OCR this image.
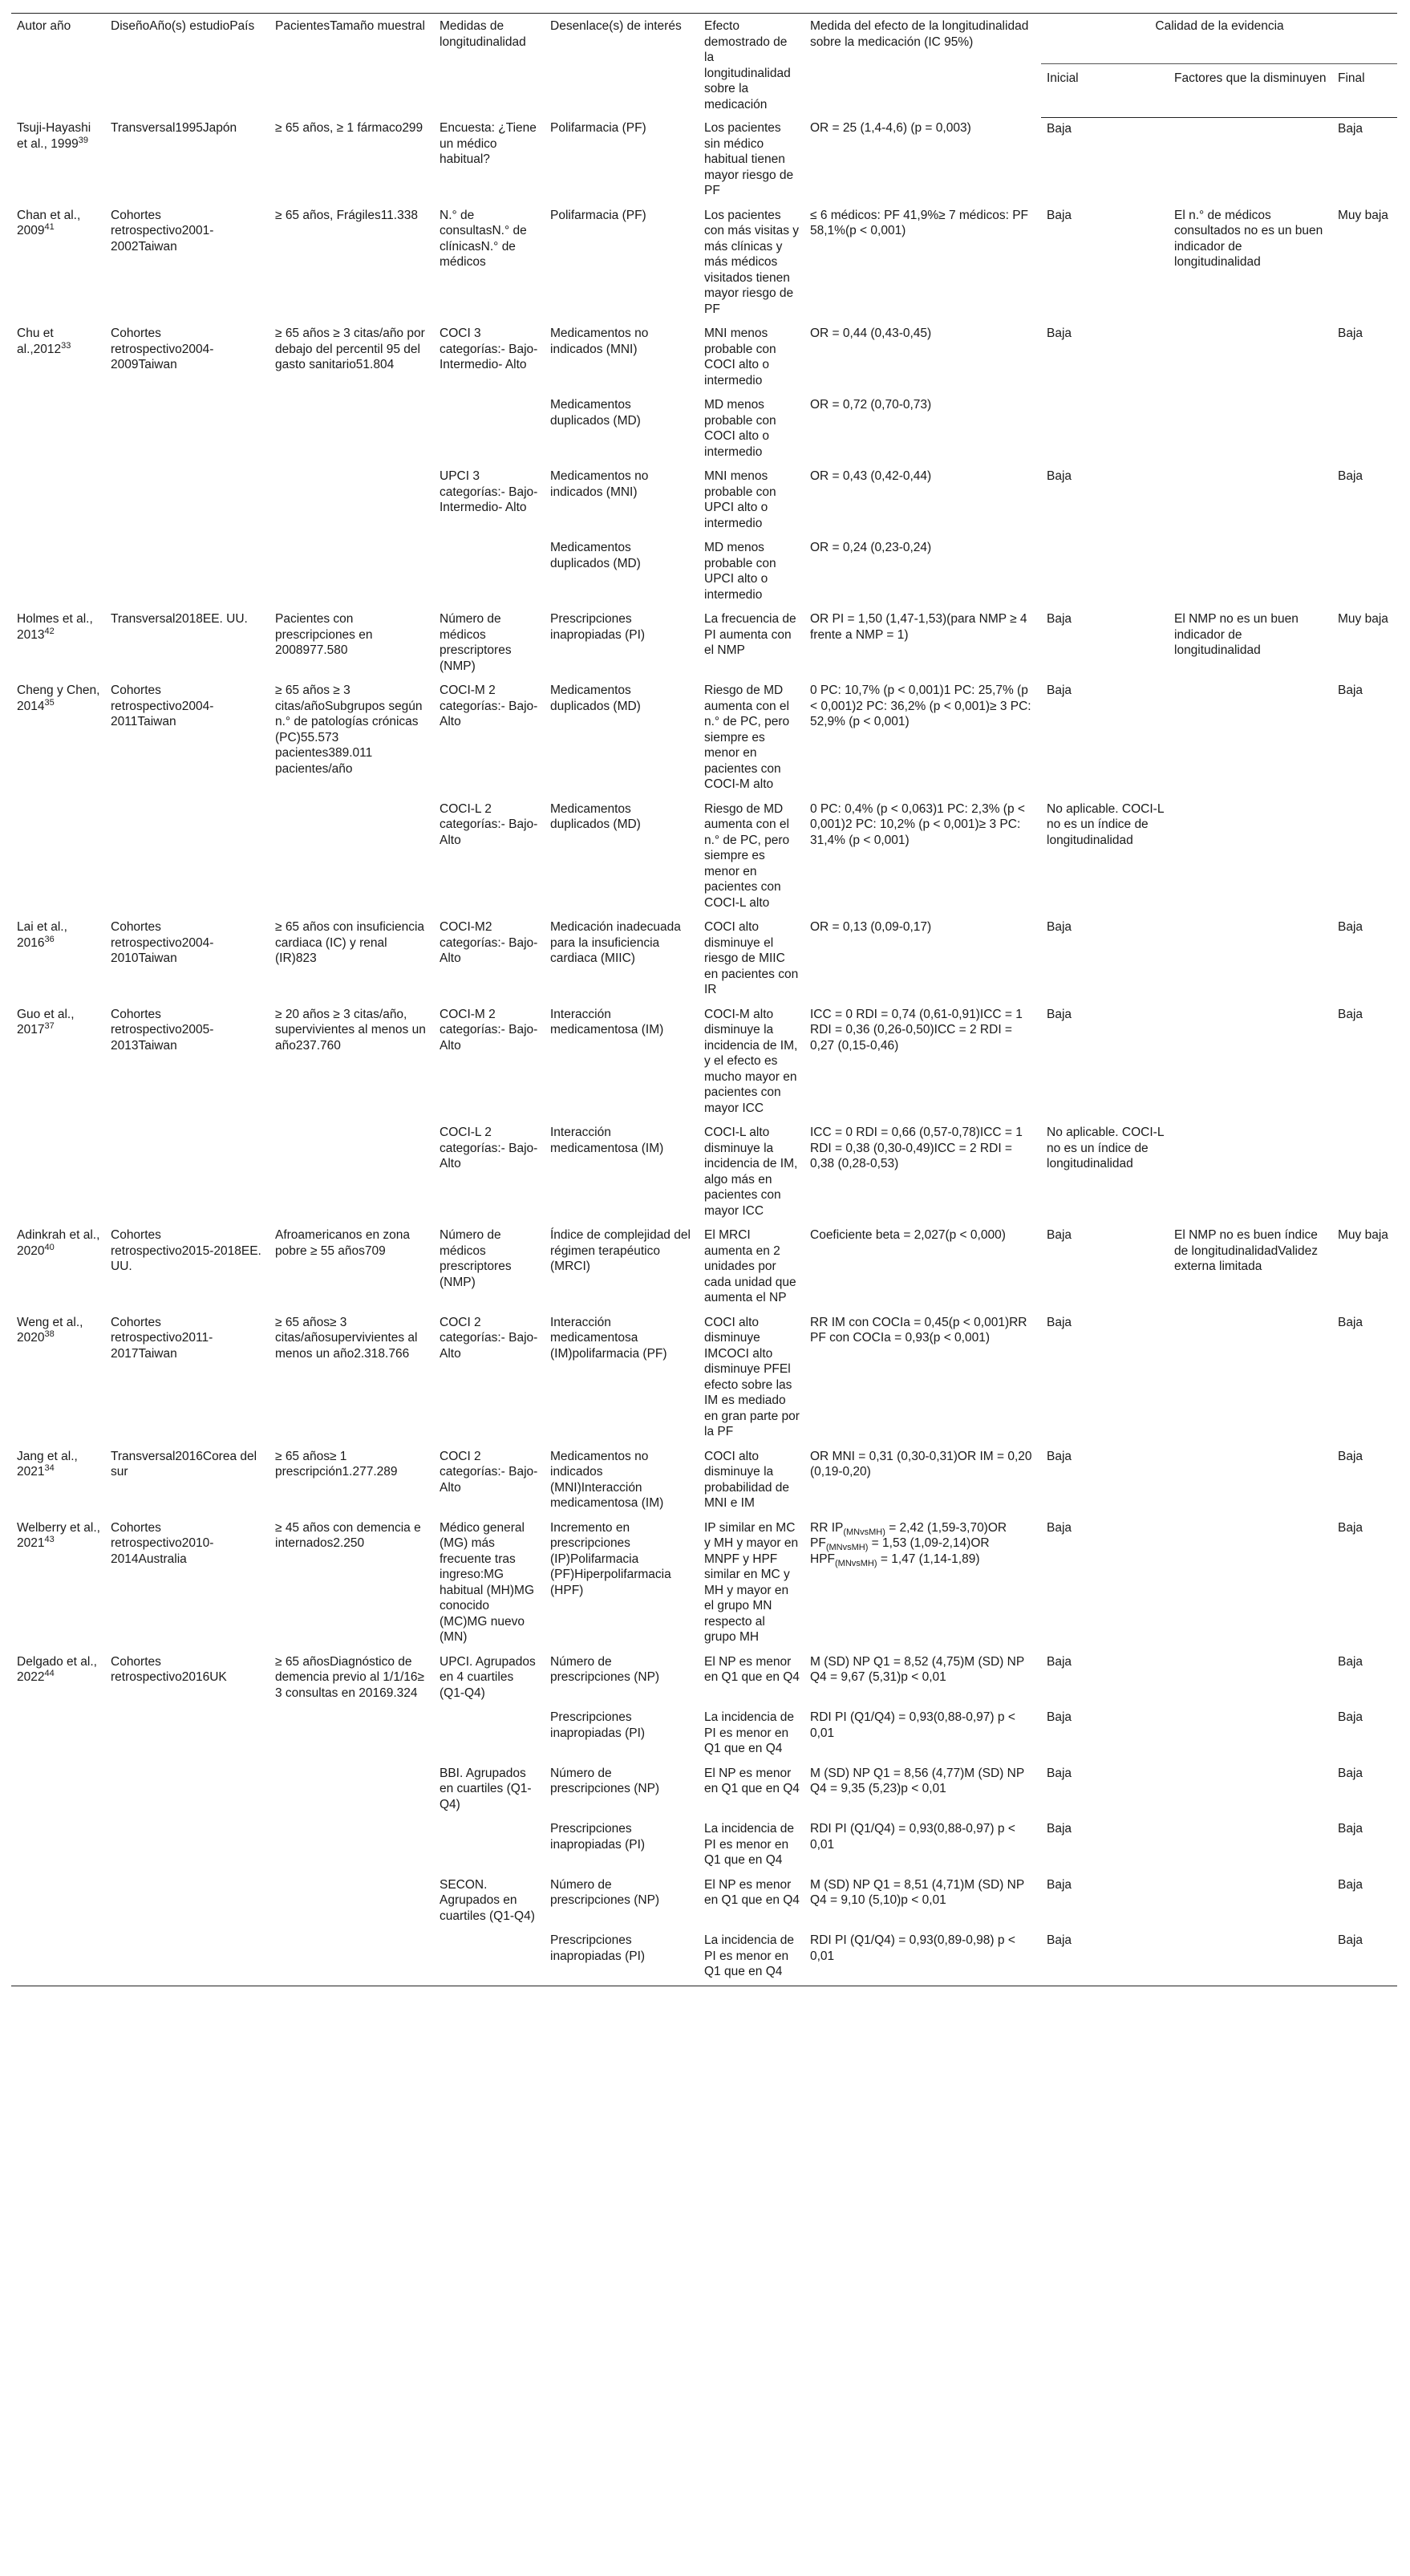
Autor año	DiseñoAño(s) estudioPaís	PacientesTamaño muestral	Medidas de longitudinalidad	Desenlace(s) de interés	Efecto demostrado de la longitudinalidad sobre la medicación	Medida del efecto de la longitudinalidad sobre la medicación (IC 95%)	Calidad de la evidencia		
							Inicial	Factores que la disminuyen	Final
Tsuji-Hayashi et al., 1999$^{39}$	Transversal1995Japón	≥ 65 años, ≥ 1 fármaco299	Encuesta: ¿Tiene un médico habitual?	Polifarmacia (PF)	Los pacientes sin médico habitual tienen mayor riesgo de PF	OR = 25 (1,4-4,6) (p = 0,003)	Baja		Baja
Chan et al., 2009$^{41}$	Cohortes retrospectivo2001-2002Taiwan	≥ 65 años, Frágiles11.338	N.° de consultasN.° de clínicasN.° de médicos	Polifarmacia (PF)	Los pacientes con más visitas y más clínicas y más médicos visitados tienen mayor riesgo de PF	≤ 6 médicos: PF 41,9%≥ 7 médicos: PF 58,1%(p < 0,001)	Baja	El n.° de médicos consultados no es un buen indicador de longitudinalidad	Muy baja
Chu et al.,2012$^{33}$	Cohortes retrospectivo2004-2009Taiwan	≥ 65 años ≥ 3 citas/año por debajo del percentil 95 del gasto sanitario51.804	COCI 3 categorías:- Bajo- Intermedio- Alto	Medicamentos no indicados (MNI)	MNI menos probable con COCI alto o intermedio	OR = 0,44 (0,43-0,45)	Baja		Baja
				Medicamentos duplicados (MD)	MD menos probable con COCI alto o intermedio	OR = 0,72 (0,70-0,73)			
			UPCI 3 categorías:- Bajo- Intermedio- Alto	Medicamentos no indicados (MNI)	MNI menos probable con UPCI alto o intermedio	OR = 0,43 (0,42-0,44)	Baja		Baja
				Medicamentos duplicados (MD)	MD menos probable con UPCI alto o intermedio	OR = 0,24 (0,23-0,24)			
Holmes et al., 2013$^{42}$	Transversal2018EE. UU.	Pacientes con prescripciones en 2008977.580	Número de médicos prescriptores (NMP)	Prescripciones inapropiadas (PI)	La frecuencia de PI aumenta con el NMP	OR PI = 1,50 (1,47-1,53)(para NMP ≥ 4 frente a NMP = 1)	Baja	El NMP no es un buen indicador de longitudinalidad	Muy baja
Cheng y Chen, 2014$^{35}$	Cohortes retrospectivo2004-2011Taiwan	≥ 65 años ≥ 3 citas/añoSubgrupos según n.° de patologías crónicas (PC)55.573 pacientes389.011 pacientes/año	COCI-M 2 categorías:- Bajo- Alto	Medicamentos duplicados (MD)	Riesgo de MD aumenta con el n.° de PC, pero siempre es menor en pacientes con COCI-M alto	0 PC: 10,7% (p < 0,001)1 PC: 25,7% (p < 0,001)2 PC: 36,2% (p < 0,001)≥ 3 PC: 52,9% (p < 0,001)	Baja		Baja
			COCI-L 2 categorías:- Bajo- Alto	Medicamentos duplicados (MD)	Riesgo de MD aumenta con el n.° de PC, pero siempre es menor en pacientes con COCI-L alto	0 PC: 0,4% (p < 0,063)1 PC: 2,3% (p < 0,001)2 PC: 10,2% (p < 0,001)≥ 3 PC: 31,4% (p < 0,001)	No aplicable. COCI-L no es un índice de longitudinalidad		
Lai et al., 2016$^{36}$	Cohortes retrospectivo2004-2010Taiwan	≥ 65 años con insuficiencia cardiaca (IC) y renal (IR)823	COCI-M2 categorías:- Bajo- Alto	Medicación inadecuada para la insuficiencia cardiaca (MIIC)	COCI alto disminuye el riesgo de MIIC en pacientes con IR	OR = 0,13 (0,09-0,17)	Baja		Baja
Guo et al., 2017$^{37}$	Cohortes retrospectivo2005-2013Taiwan	≥ 20 años ≥ 3 citas/año, supervivientes al menos un año237.760	COCI-M 2 categorías:- Bajo- Alto	Interacción medicamentosa (IM)	COCI-M alto disminuye la incidencia de IM, y el efecto es mucho mayor en pacientes con mayor ICC	ICC = 0 RDI = 0,74 (0,61-0,91)ICC = 1 RDI = 0,36 (0,26-0,50)ICC = 2 RDI = 0,27 (0,15-0,46)	Baja		Baja
			COCI-L 2 categorías:- Bajo- Alto	Interacción medicamentosa (IM)	COCI-L alto disminuye la incidencia de IM, algo más en pacientes con mayor ICC	ICC = 0 RDI = 0,66 (0,57-0,78)ICC = 1 RDI = 0,38 (0,30-0,49)ICC = 2 RDI = 0,38 (0,28-0,53)	No aplicable. COCI-L no es un índice de longitudinalidad		
Adinkrah et al., 2020$^{40}$	Cohortes retrospectivo2015-2018EE. UU.	Afroamericanos en zona pobre ≥ 55 años709	Número de médicos prescriptores (NMP)	Índice de complejidad del régimen terapéutico (MRCI)	El MRCI aumenta en 2 unidades por cada unidad que aumenta el NP	Coeficiente beta = 2,027(p < 0,000)	Baja	El NMP no es buen índice de longitudinalidadValidez externa limitada	Muy baja
Weng et al., 2020$^{38}$	Cohortes retrospectivo2011-2017Taiwan	≥ 65 años≥ 3 citas/añosupervivientes al menos un año2.318.766	COCI 2 categorías:- Bajo- Alto	Interacción medicamentosa (IM)polifarmacia (PF)	COCI alto disminuye IMCOCI alto disminuye PFEl efecto sobre las IM es mediado en gran parte por la PF	RR IM con COCIa = 0,45(p < 0,001)RR PF con COCIa = 0,93(p < 0,001)	Baja		Baja
Jang et al., 2021$^{34}$	Transversal2016Corea del sur	≥ 65 años≥ 1 prescripción1.277.289	COCI 2 categorías:- Bajo- Alto	Medicamentos no indicados (MNI)Interacción medicamentosa (IM)	COCI alto disminuye la probabilidad de MNI e IM	OR MNI = 0,31 (0,30-0,31)OR IM = 0,20 (0,19-0,20)	Baja		Baja
Welberry et al., 2021$^{43}$	Cohortes retrospectivo2010-2014Australia	≥ 45 años con demencia e internados2.250	Médico general (MG) más frecuente tras ingreso:MG habitual (MH)MG conocido (MC)MG nuevo (MN)	Incremento en prescripciones (IP)Polifarmacia (PF)Hiperpolifarmacia (HPF)	IP similar en MC y MH y mayor en MNPF y HPF similar en MC y MH y mayor en el grupo MN respecto al grupo MH	RR $IP_{(MNvsMH)} = 2,42$ (1,59-3,70)OR $PF_{(MNvsMH)} = 1,53$ (1,09-2,14)OR $HPF_{(MNvsMH)} = 1,47$ (1,14-1,89)	Baja		Baja
Delgado et al., 2022$^{44}$	Cohortes retrospectivo2016UK	≥ 65 añosDiagnóstico de demencia previo al 1/1/16≥ 3 consultas en 20169.324	UPCI. Agrupados en 4 cuartiles (Q1-Q4)	Número de prescripciones (NP)	El NP es menor en Q1 que en Q4	M (SD) NP Q1 = 8,52 (4,75)M (SD) NP Q4 = 9,67 (5,31)p < 0,01	Baja		Baja
				Prescripciones inapropiadas (PI)	La incidencia de PI es menor en Q1 que en Q4	RDI PI (Q1/Q4) = 0,93(0,88-0,97) p < 0,01	Baja		Baja
			BBI. Agrupados en cuartiles (Q1-Q4)	Número de prescripciones (NP)	El NP es menor en Q1 que en Q4	M (SD) NP Q1 = 8,56 (4,77)M (SD) NP Q4 = 9,35 (5,23)p < 0,01	Baja		Baja
				Prescripciones inapropiadas (PI)	La incidencia de PI es menor en Q1 que en Q4	RDI PI (Q1/Q4) = 0,93(0,88-0,97) p < 0,01	Baja		Baja
			SECON. Agrupados en cuartiles (Q1-Q4)	Número de prescripciones (NP)	El NP es menor en Q1 que en Q4	M (SD) NP Q1 = 8,51 (4,71)M (SD) NP Q4 = 9,10 (5,10)p < 0,01	Baja		Baja
				Prescripciones inapropiadas (PI)	La incidencia de PI es menor en Q1 que en Q4	RDI PI (Q1/Q4) = 0,93(0,89-0,98) p < 0,01	Baja		Baja
